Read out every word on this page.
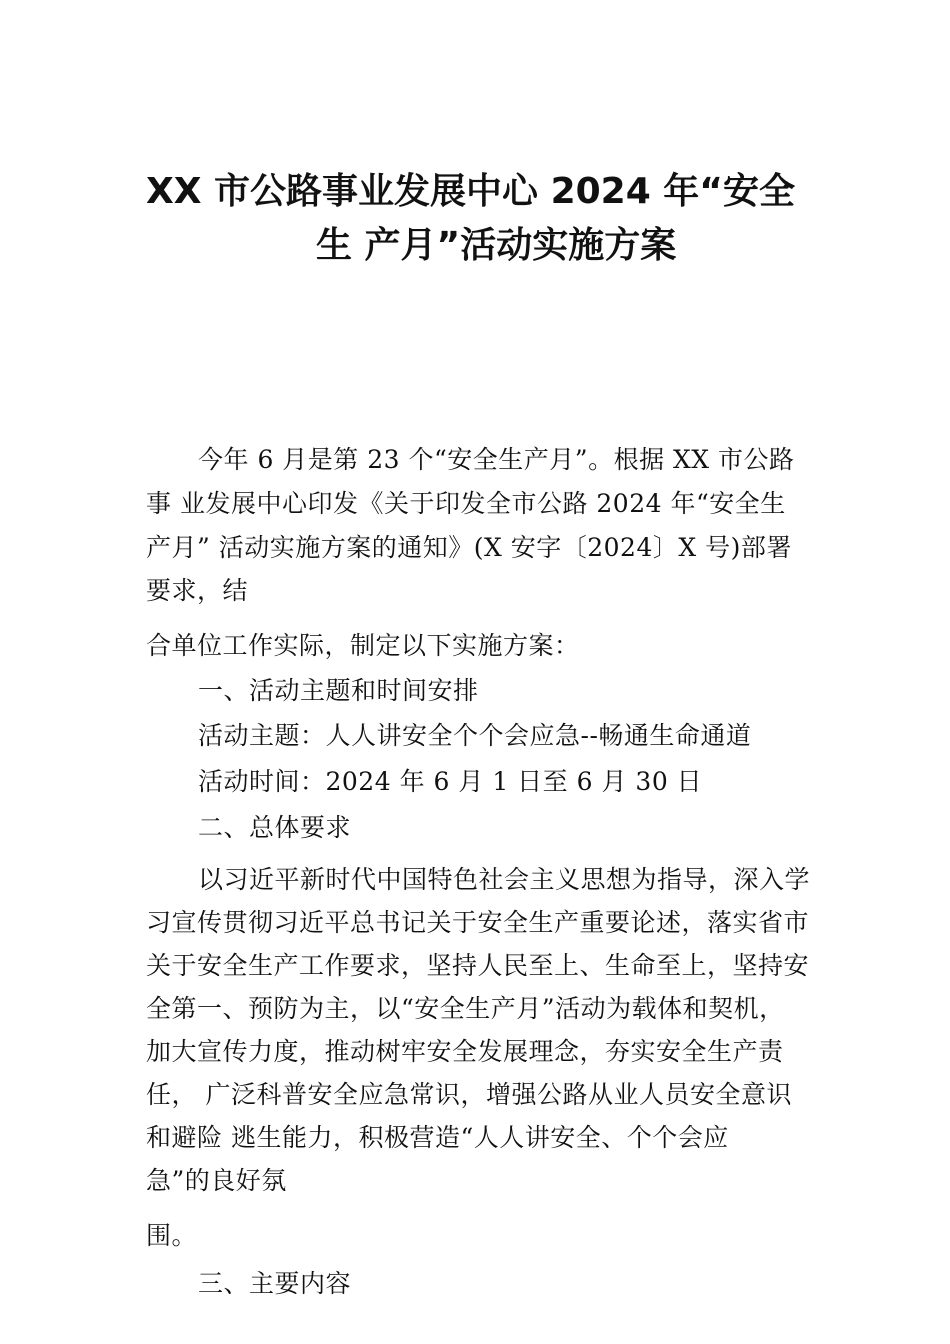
XX 市公路事业发展中心 2024 年“安全
生 产月”活动实施方案
今年 6 月是第 23 个“安全生产月”。根据 XX 市公路
事 业发展中心印发《关于印发全市公路 2024 年“安全生
产月” 活动实施方案的通知》(X 安字〔2024〕X 号)部署
要求，结
合单位工作实际，制定以下实施方案：
一、活动主题和时间安排
活动主题：人人讲安全个个会应急--畅通生命通道
活动时间：2024 年 6 月 1 日至 6 月 30 日
二、总体要求
以习近平新时代中国特色社会主义思想为指导，深入学
习宣传贯彻习近平总书记关于安全生产重要论述，落实省市
关于安全生产工作要求，坚持人民至上、生命至上，坚持安
全第一、预防为主，以“安全生产月”活动为载体和契机，
加大宣传力度，推动树牢安全发展理念，夯实安全生产责
任， 广泛科普安全应急常识，增强公路从业人员安全意识
和避险 逃生能力，积极营造“人人讲安全、个个会应
急”的良好氛
围。
三、主要内容
